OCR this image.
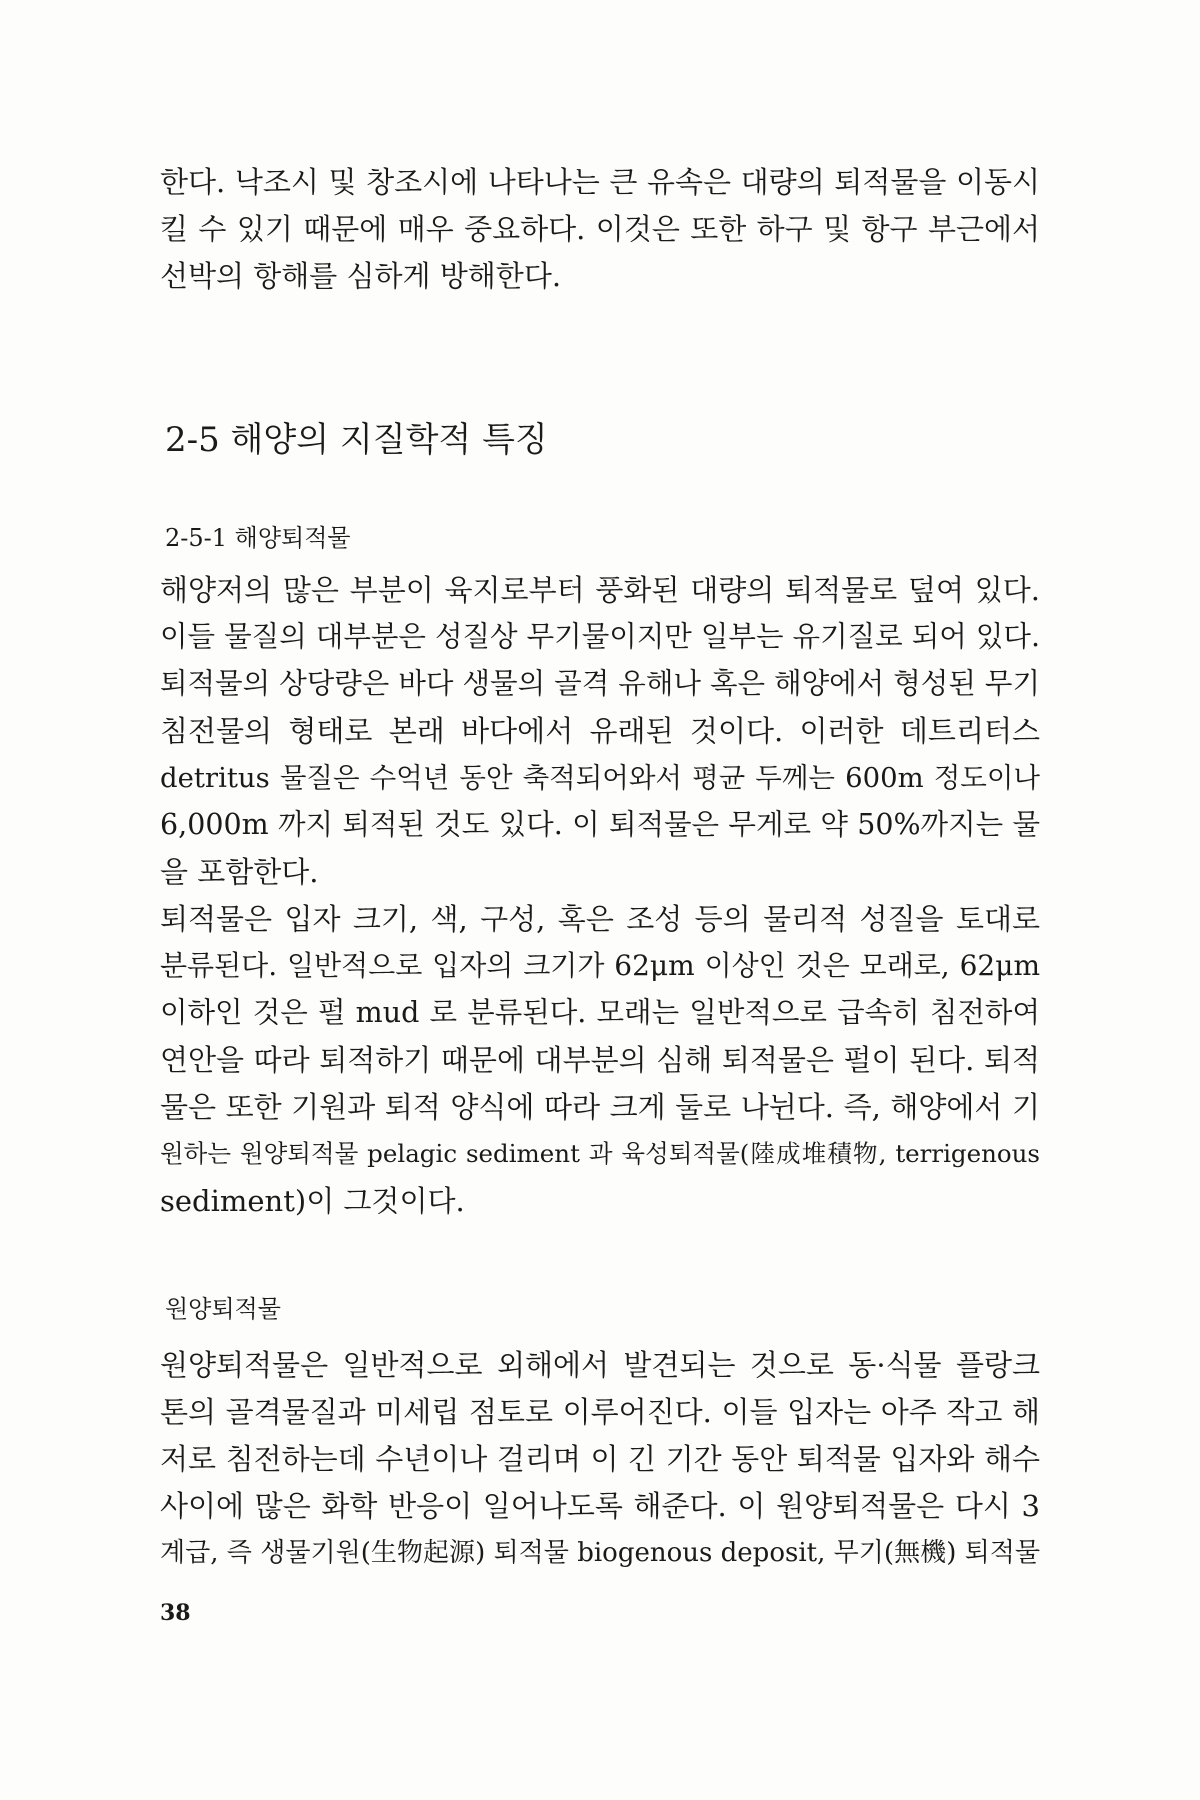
한다. 낙조시 및 창조시에 나타나는 큰 유속은 대량의 퇴적물을 이동시
킬 수 있기 때문에 매우 중요하다. 이것은 또한 하구 및 항구 부근에서
선박의 항해를 심하게 방해한다.
2-5 해양의 지질학적 특징
2-5-1 해양퇴적물
해양저의 많은 부분이 육지로부터 풍화된 대량의 퇴적물로 덮여 있다.
이들 물질의 대부분은 성질상 무기물이지만 일부는 유기질로 되어 있다.
퇴적물의 상당량은 바다 생물의 골격 유해나 혹은 해양에서 형성된 무기
침전물의 형태로 본래 바다에서 유래된 것이다. 이러한 데트리터스
detritus 물질은 수억년 동안 축적되어와서 평균 두께는 600m 정도이나
6,000m 까지 퇴적된 것도 있다. 이 퇴적물은 무게로 약 50%까지는 물
을 포함한다.
퇴적물은 입자 크기, 색, 구성, 혹은 조성 등의 물리적 성질을 토대로
분류된다. 일반적으로 입자의 크기가 62μm 이상인 것은 모래로, 62μm
이하인 것은 펄 mud 로 분류된다. 모래는 일반적으로 급속히 침전하여
연안을 따라 퇴적하기 때문에 대부분의 심해 퇴적물은 펄이 된다. 퇴적
물은 또한 기원과 퇴적 양식에 따라 크게 둘로 나뉜다. 즉, 해양에서 기
원하는 원양퇴적물 pelagic sediment 과 육성퇴적물(陸成堆積物, terrigenous
sediment)이 그것이다.
원양퇴적물
원양퇴적물은 일반적으로 외해에서 발견되는 것으로 동·식물 플랑크
톤의 골격물질과 미세립 점토로 이루어진다. 이들 입자는 아주 작고 해
저로 침전하는데 수년이나 걸리며 이 긴 기간 동안 퇴적물 입자와 해수
사이에 많은 화학 반응이 일어나도록 해준다. 이 원양퇴적물은 다시 3
계급, 즉 생물기원(生物起源) 퇴적물 biogenous deposit, 무기(無機) 퇴적물
38
